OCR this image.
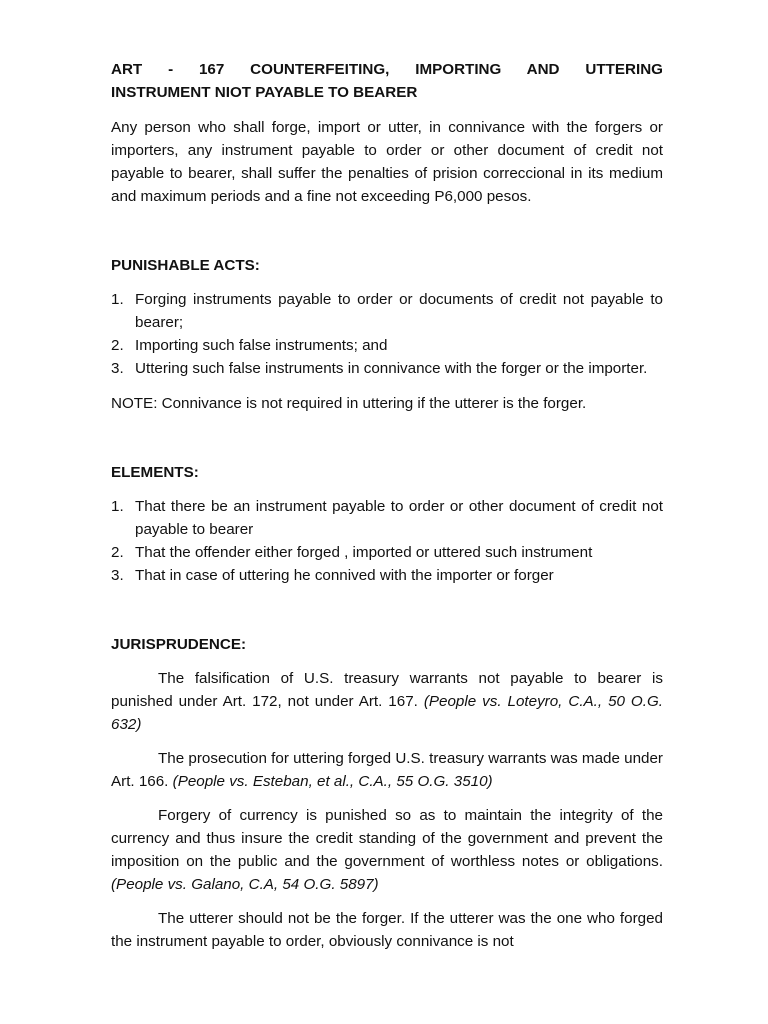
ART - 167 COUNTERFEITING, IMPORTING AND UTTERING
INSTRUMENT NIOT PAYABLE TO BEARER

Any person who shall forge, import or utter, in connivance with the forgers or importers, any instrument payable to order or other document of credit not payable to bearer, shall suffer the penalties of prision correccional in its medium and maximum periods and a fine not exceeding P6,000 pesos.

PUNISHABLE ACTS:
1. Forging instruments payable to order or documents of credit not payable to bearer;
2. Importing such false instruments; and
3. Uttering such false instruments in connivance with the forger or the importer.

NOTE: Connivance is not required in uttering if the utterer is the forger.

ELEMENTS:
1. That there be an instrument payable to order or other document of credit not payable to bearer
2. That the offender either forged , imported or uttered such instrument
3. That in case of uttering he connived with the importer or forger
JURISPRUDENCE:

The falsification of U.S. treasury warrants not payable to bearer is punished under Art. 172, not under Art. 167. (People vs. Loteyro, C.A., 50 O.G. 632)

The prosecution for uttering forged U.S. treasury warrants was made under Art. 166. (People vs. Esteban, et al., C.A., 55 O.G. 3510)

Forgery of currency is punished so as to maintain the integrity of the currency and thus insure the credit standing of the government and prevent the imposition on the public and the government of worthless notes or obligations. (People vs. Galano, C.A, 54 O.G. 5897)

The utterer should not be the forger. If the utterer was the one who forged the instrument payable to order, obviously connivance is not
